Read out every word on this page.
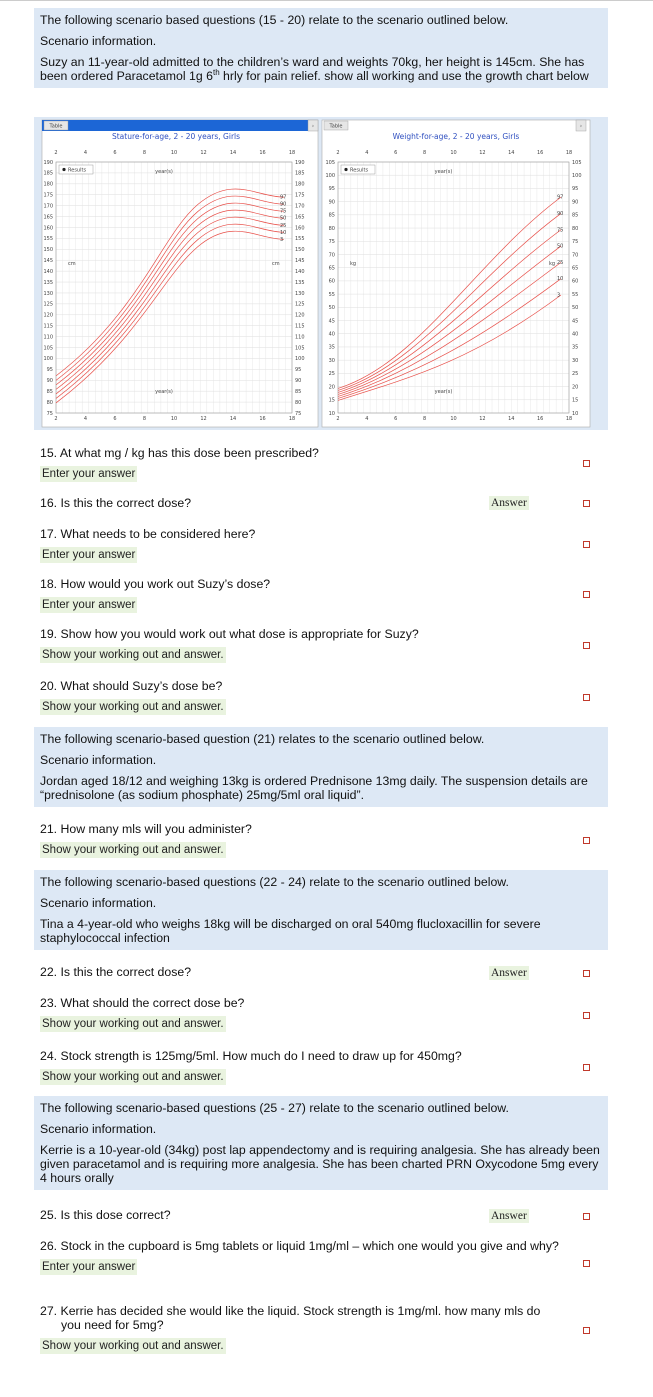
The following scenario based questions (15 - 20) relate to the scenario outlined below.

Scenario information.

Suzy an 11-year-old admitted to the children’s ward and weights 70kg, her height is 145cm. She has been ordered Paracetamol 1g 6th hrly for pain relief. show all working and use the growth chart below

Table	›
Stature-for-age, 2 - 20 years, Girls
2
2
4
4
6
6
8
8
10
10
12
12
14
14
16
16
18
18
190	190
185	185
180	180
175	175
170	170
165	165
160	160
155	155
150	150
145	145
140	140
135	135
130	130
125	125
120	120
115	115
110	110
105	105
100	100
95	95
90	90
85	85
80	80
75	75
Results	year(s)
year(s)
cm	cm
97
90
75
50
25
10
3
Table	›
Weight-for-age, 2 - 20 years, Girls
2
2
4
4
6
6
8
8
10
10
12
12
14
14
16
16
18
18
105	105
100	100
95	95
90	90
85	85
80	80
75	75
70	70
65	65
60	60
55	55
50	50
45	45
40	40
35	35
30	30
25	25
20	20
15	15
10	10
Results	year(s)
year(s)
kg	kg
97
90
75
50
25
10
3
15. At what mg / kg has this dose been prescribed?
Enter your answer
16. Is this the correct dose?	Answer
17. What needs to be considered here?
Enter your answer
18. How would you work out Suzy’s dose?
Enter your answer
19. Show how you would work out what dose is appropriate for Suzy?
Show your working out and answer.
20. What should Suzy’s dose be?
Show your working out and answer.

The following scenario-based question (21) relates to the scenario outlined below.

Scenario information.

Jordan aged 18/12 and weighing 13kg is ordered Prednisone 13mg daily. The suspension details are “prednisolone (as sodium phosphate) 25mg/5ml oral liquid”.

21. How many mls will you administer?
Show your working out and answer.

The following scenario-based questions (22 - 24) relate to the scenario outlined below.

Scenario information.

Tina a 4-year-old who weighs 18kg will be discharged on oral 540mg flucloxacillin for severe staphylococcal infection

22. Is this the correct dose?	Answer
23. What should the correct dose be?
Show your working out and answer.
24. Stock strength is 125mg/5ml. How much do I need to draw up for 450mg?
Show your working out and answer.

The following scenario-based questions (25 - 27) relate to the scenario outlined below.

Scenario information.

Kerrie is a 10-year-old (34kg) post lap appendectomy and is requiring analgesia. She has already been given paracetamol and is requiring more analgesia. She has been charted PRN Oxycodone 5mg every 4 hours orally

25. Is this dose correct?	Answer
26. Stock in the cupboard is 5mg tablets or liquid 1mg/ml – which one would you give and why?
Enter your answer
27. Kerrie has decided she would like the liquid. Stock strength is 1mg/ml. how many mls do you need for 5mg?
Show your working out and answer.
